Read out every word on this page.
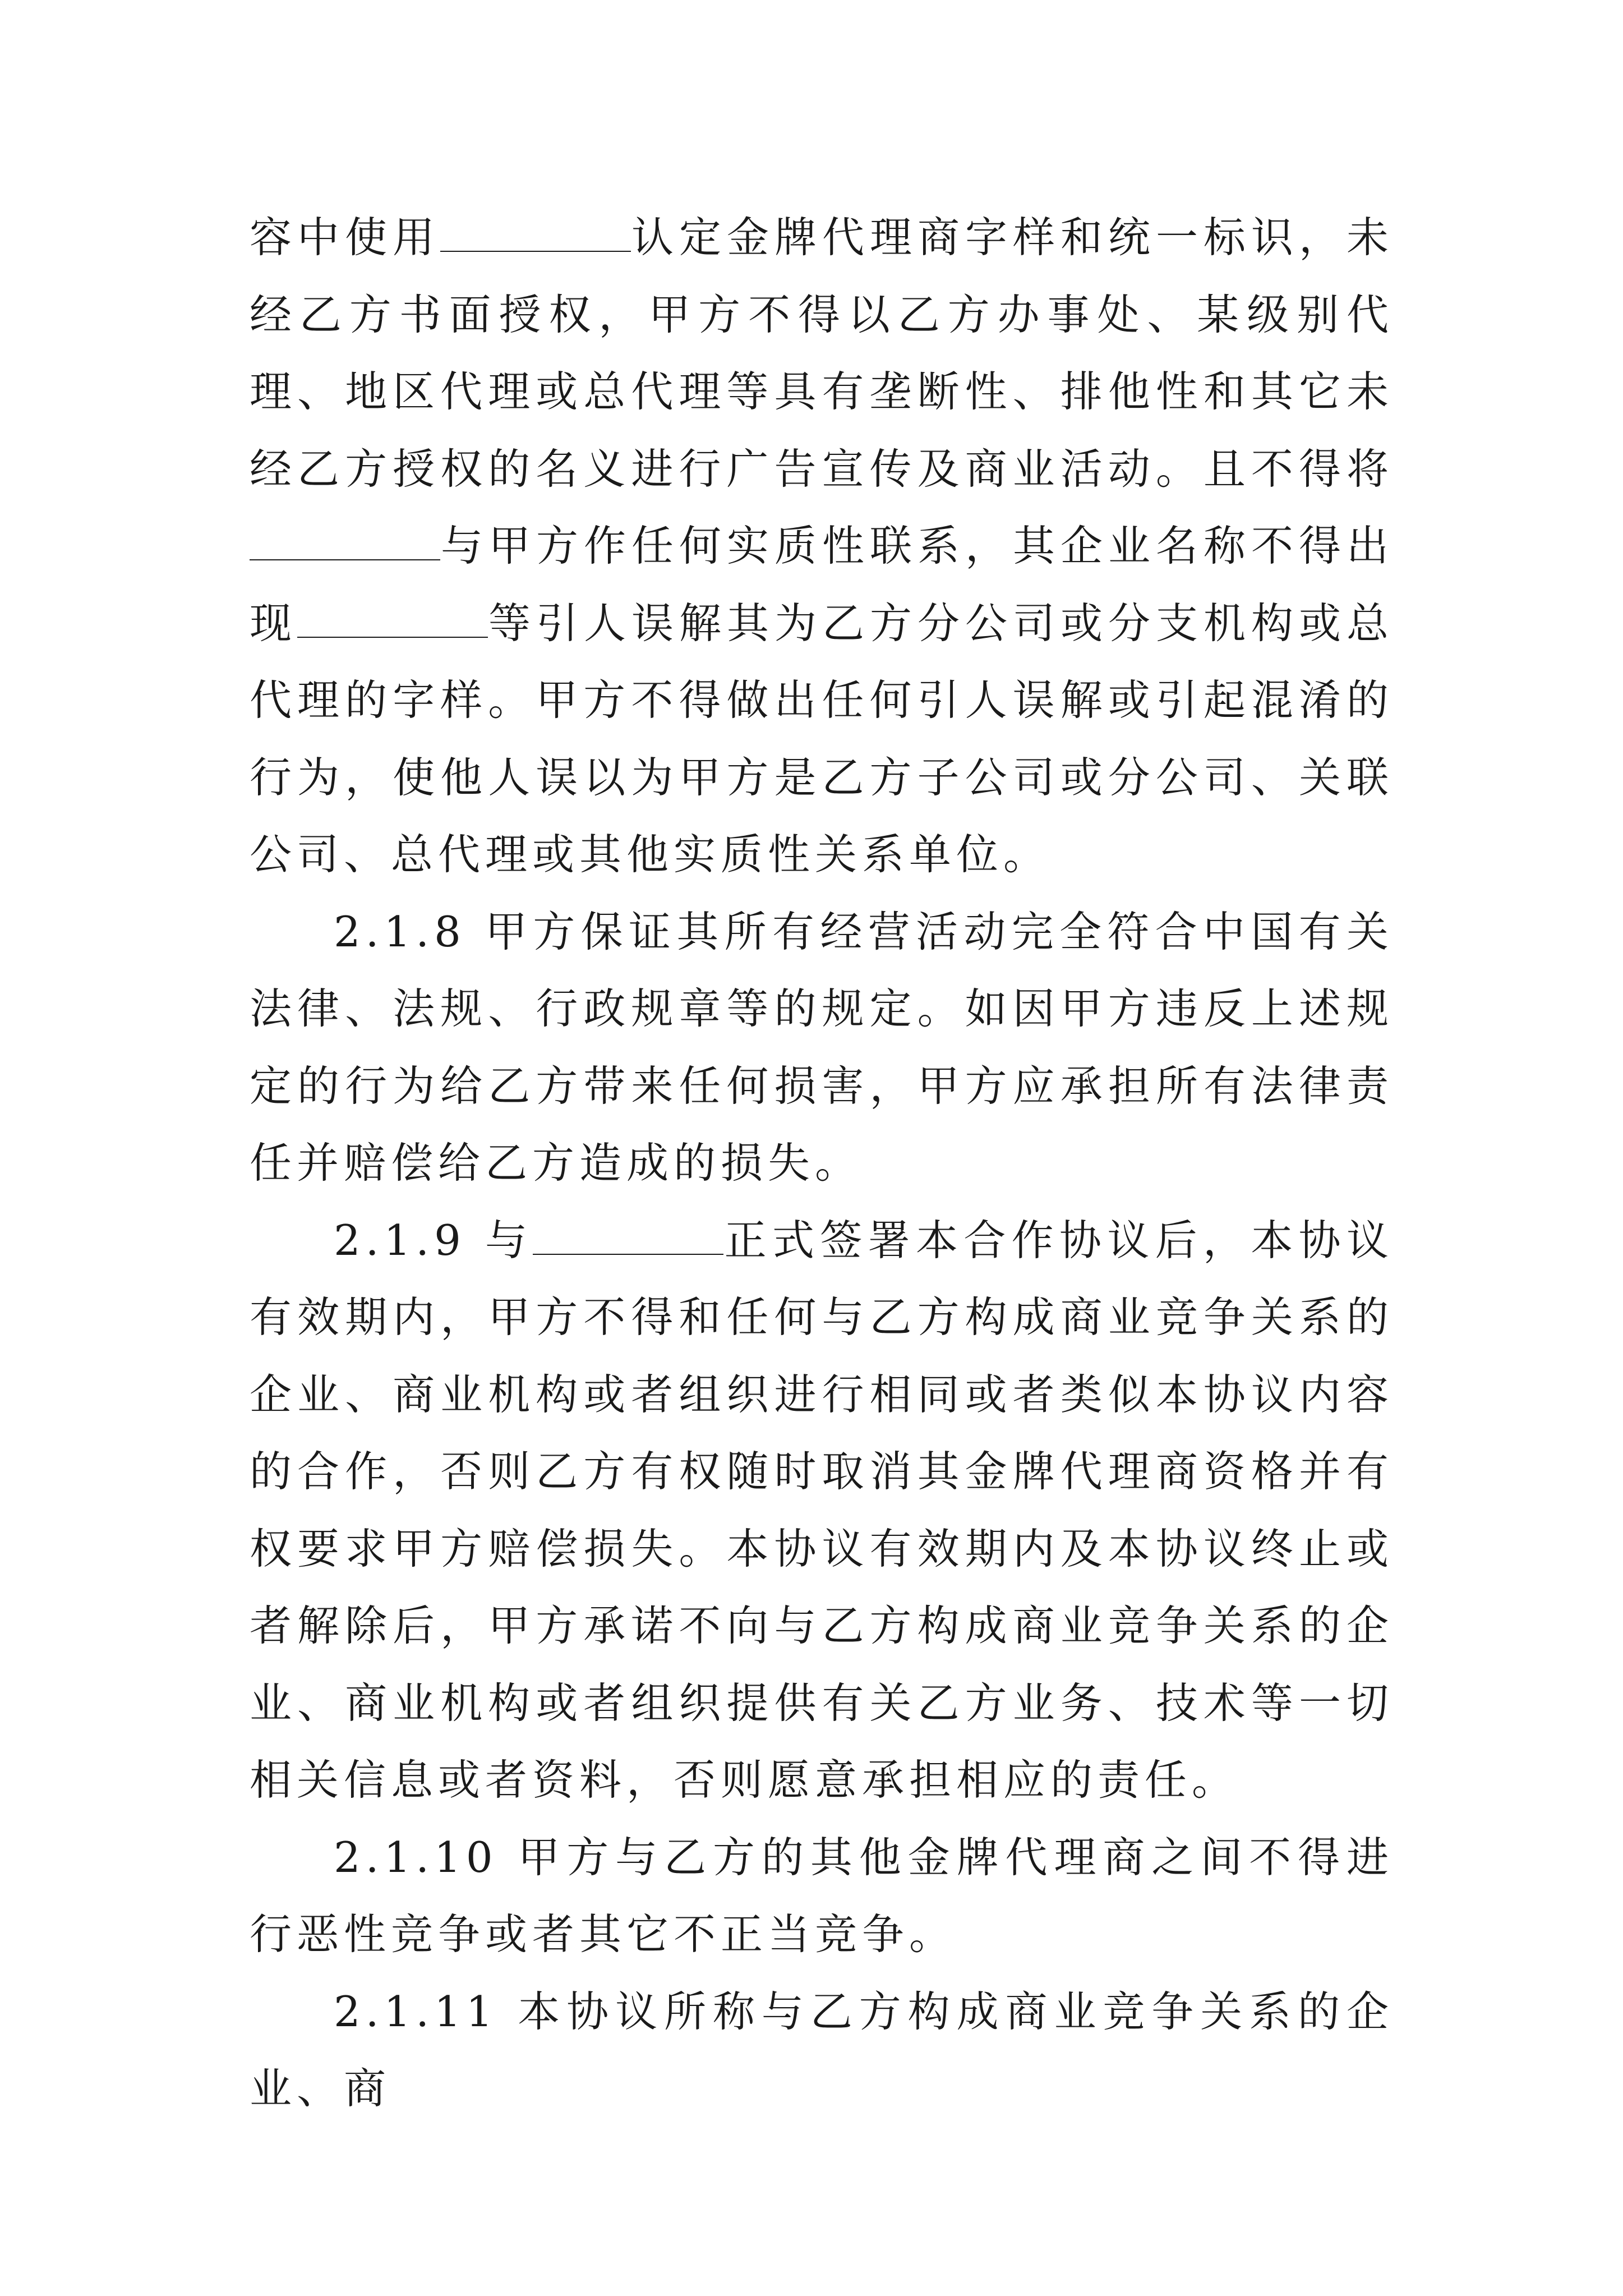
容中使用	认定金牌代理商字样和统一标识，未经乙方书面授权，甲方不得以乙方办事处、某级别代理、地区代理或总代理等具有垄断性、排他性和其它未经乙方授权的名义进行广告宣传及商业活动。且不得将与甲方作任何实质性联系，其企业名称不得出现	等引人误解其为乙方分公司或分支机构或总代理的字样。甲方不得做出任何引人误解或引起混淆的行为，使他人误以为甲方是乙方子公司或分公司、关联公司、总代理或其他实质性关系单位。

2.1.8 甲方保证其所有经营活动完全符合中国有关法律、法规、行政规章等的规定。如因甲方违反上述规定的行为给乙方带来任何损害，甲方应承担所有法律责任并赔偿给乙方造成的损失。

2.1.9 与	正式签署本合作协议后，本协议有效期内，甲方不得和任何与乙方构成商业竞争关系的企业、商业机构或者组织进行相同或者类似本协议内容的合作，否则乙方有权随时取消其金牌代理商资格并有权要求甲方赔偿损失。本协议有效期内及本协议终止或者解除后，甲方承诺不向与乙方构成商业竞争关系的企业、商业机构或者组织提供有关乙方业务、技术等一切相关信息或者资料，否则愿意承担相应的责任。

2.1.10 甲方与乙方的其他金牌代理商之间不得进行恶性竞争或者其它不正当竞争。

2.1.11 本协议所称与乙方构成商业竞争关系的企业、商
